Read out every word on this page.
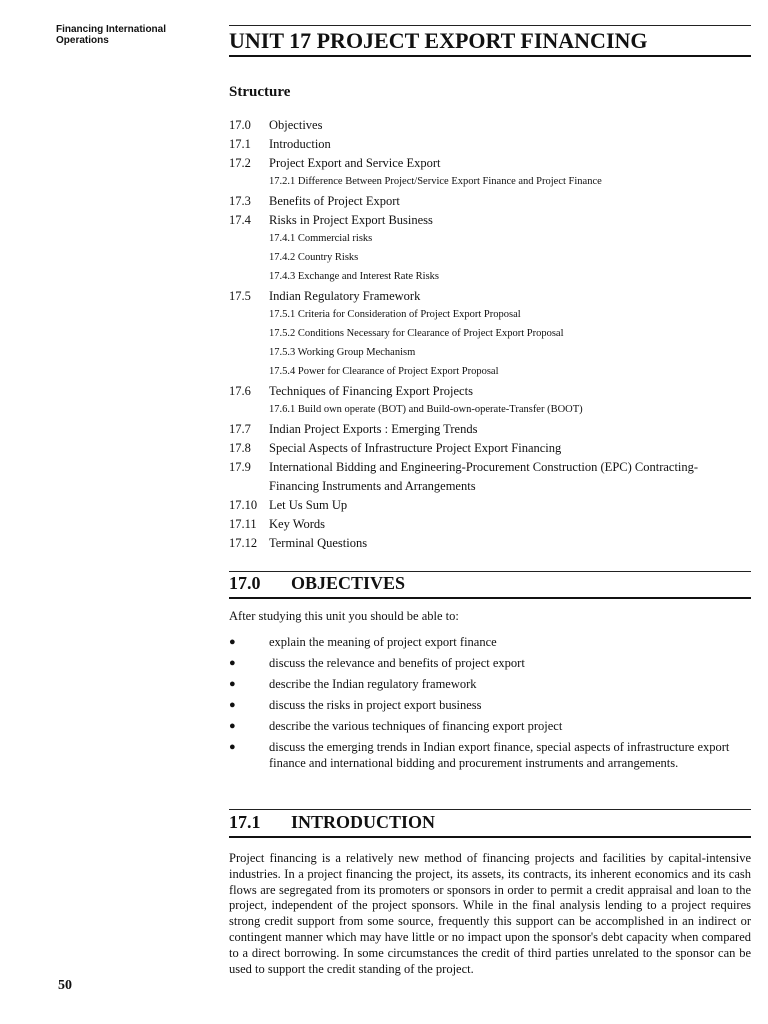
Financing International Operations	UNIT 17 PROJECT EXPORT FINANCING
Structure
17.0 Objectives
17.1 Introduction
17.2 Project Export and Service Export
17.2.1 Difference Between Project/Service Export Finance and Project Finance
17.3 Benefits of Project Export
17.4 Risks in Project Export Business
17.4.1 Commercial risks
17.4.2 Country Risks
17.4.3 Exchange and Interest Rate Risks
17.5 Indian Regulatory Framework
17.5.1 Criteria for Consideration of Project Export Proposal
17.5.2 Conditions Necessary for Clearance of Project Export Proposal
17.5.3 Working Group Mechanism
17.5.4 Power for Clearance of Project Export Proposal
17.6 Techniques of Financing Export Projects
17.6.1 Build own operate (BOT) and Build-own-operate-Transfer (BOOT)
17.7 Indian Project Exports : Emerging Trends
17.8 Special Aspects of Infrastructure Project Export Financing
17.9 International Bidding and Engineering-Procurement Construction (EPC) Contracting-
Financing Instruments and Arrangements
17.10 Let Us Sum Up
17.11 Key Words
17.12 Terminal Questions
17.0 OBJECTIVES
After studying this unit you should be able to:
●	explain the meaning of project export finance
●	discuss the relevance and benefits of project export
●	describe the Indian regulatory framework
●	discuss the risks in project export business
●	describe the various techniques of financing export project
●	discuss the emerging trends in Indian export finance, special aspects of infrastructure export finance and international bidding and procurement instruments and arrangements.
17.1 INTRODUCTION
Project financing is a relatively new method of financing projects and facilities by capital-intensive industries. In a project financing the project, its assets, its contracts, its inherent economics and its cash flows are segregated from its promoters or sponsors in order to permit a credit appraisal and loan to the project, independent of the project sponsors. While in the final analysis lending to a project requires strong credit support from some source, frequently this support can be accomplished in an indirect or contingent manner which may have little or no impact upon the sponsor's debt capacity when compared to a direct borrowing. In some circumstances the credit of third parties unrelated to the sponsor can be used to support the credit standing of the project.
50
